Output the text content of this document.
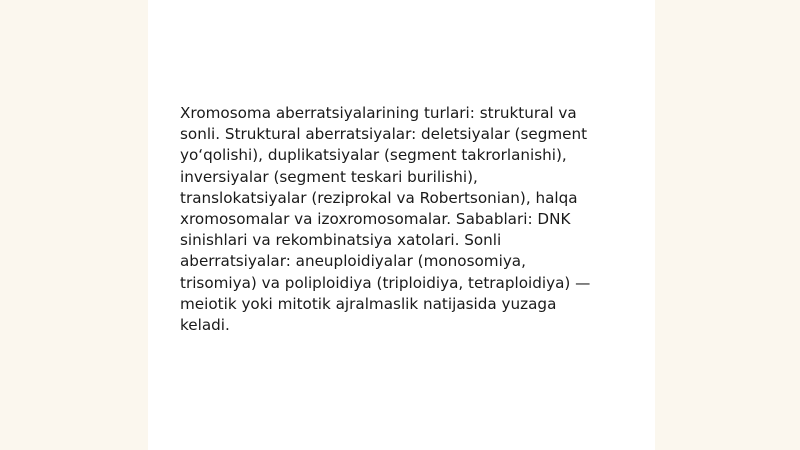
Xromosoma aberratsiyalarining turlari: struktural va
sonli. Struktural aberratsiyalar: deletsiyalar (segment
yo‘qolishi), duplikatsiyalar (segment takrorlanishi),
inversiyalar (segment teskari burilishi),
translokatsiyalar (reziprokal va Robertsonian), halqa
xromosomalar va izoxromosomalar. Sabablari: DNK
sinishlari va rekombinatsiya xatolari. Sonli
aberratsiyalar: aneuploidiyalar (monosomiya,
trisomiya) va poliploidiya (triploidiya, tetraploidiya) —
meiotik yoki mitotik ajralmaslik natijasida yuzaga
keladi.
